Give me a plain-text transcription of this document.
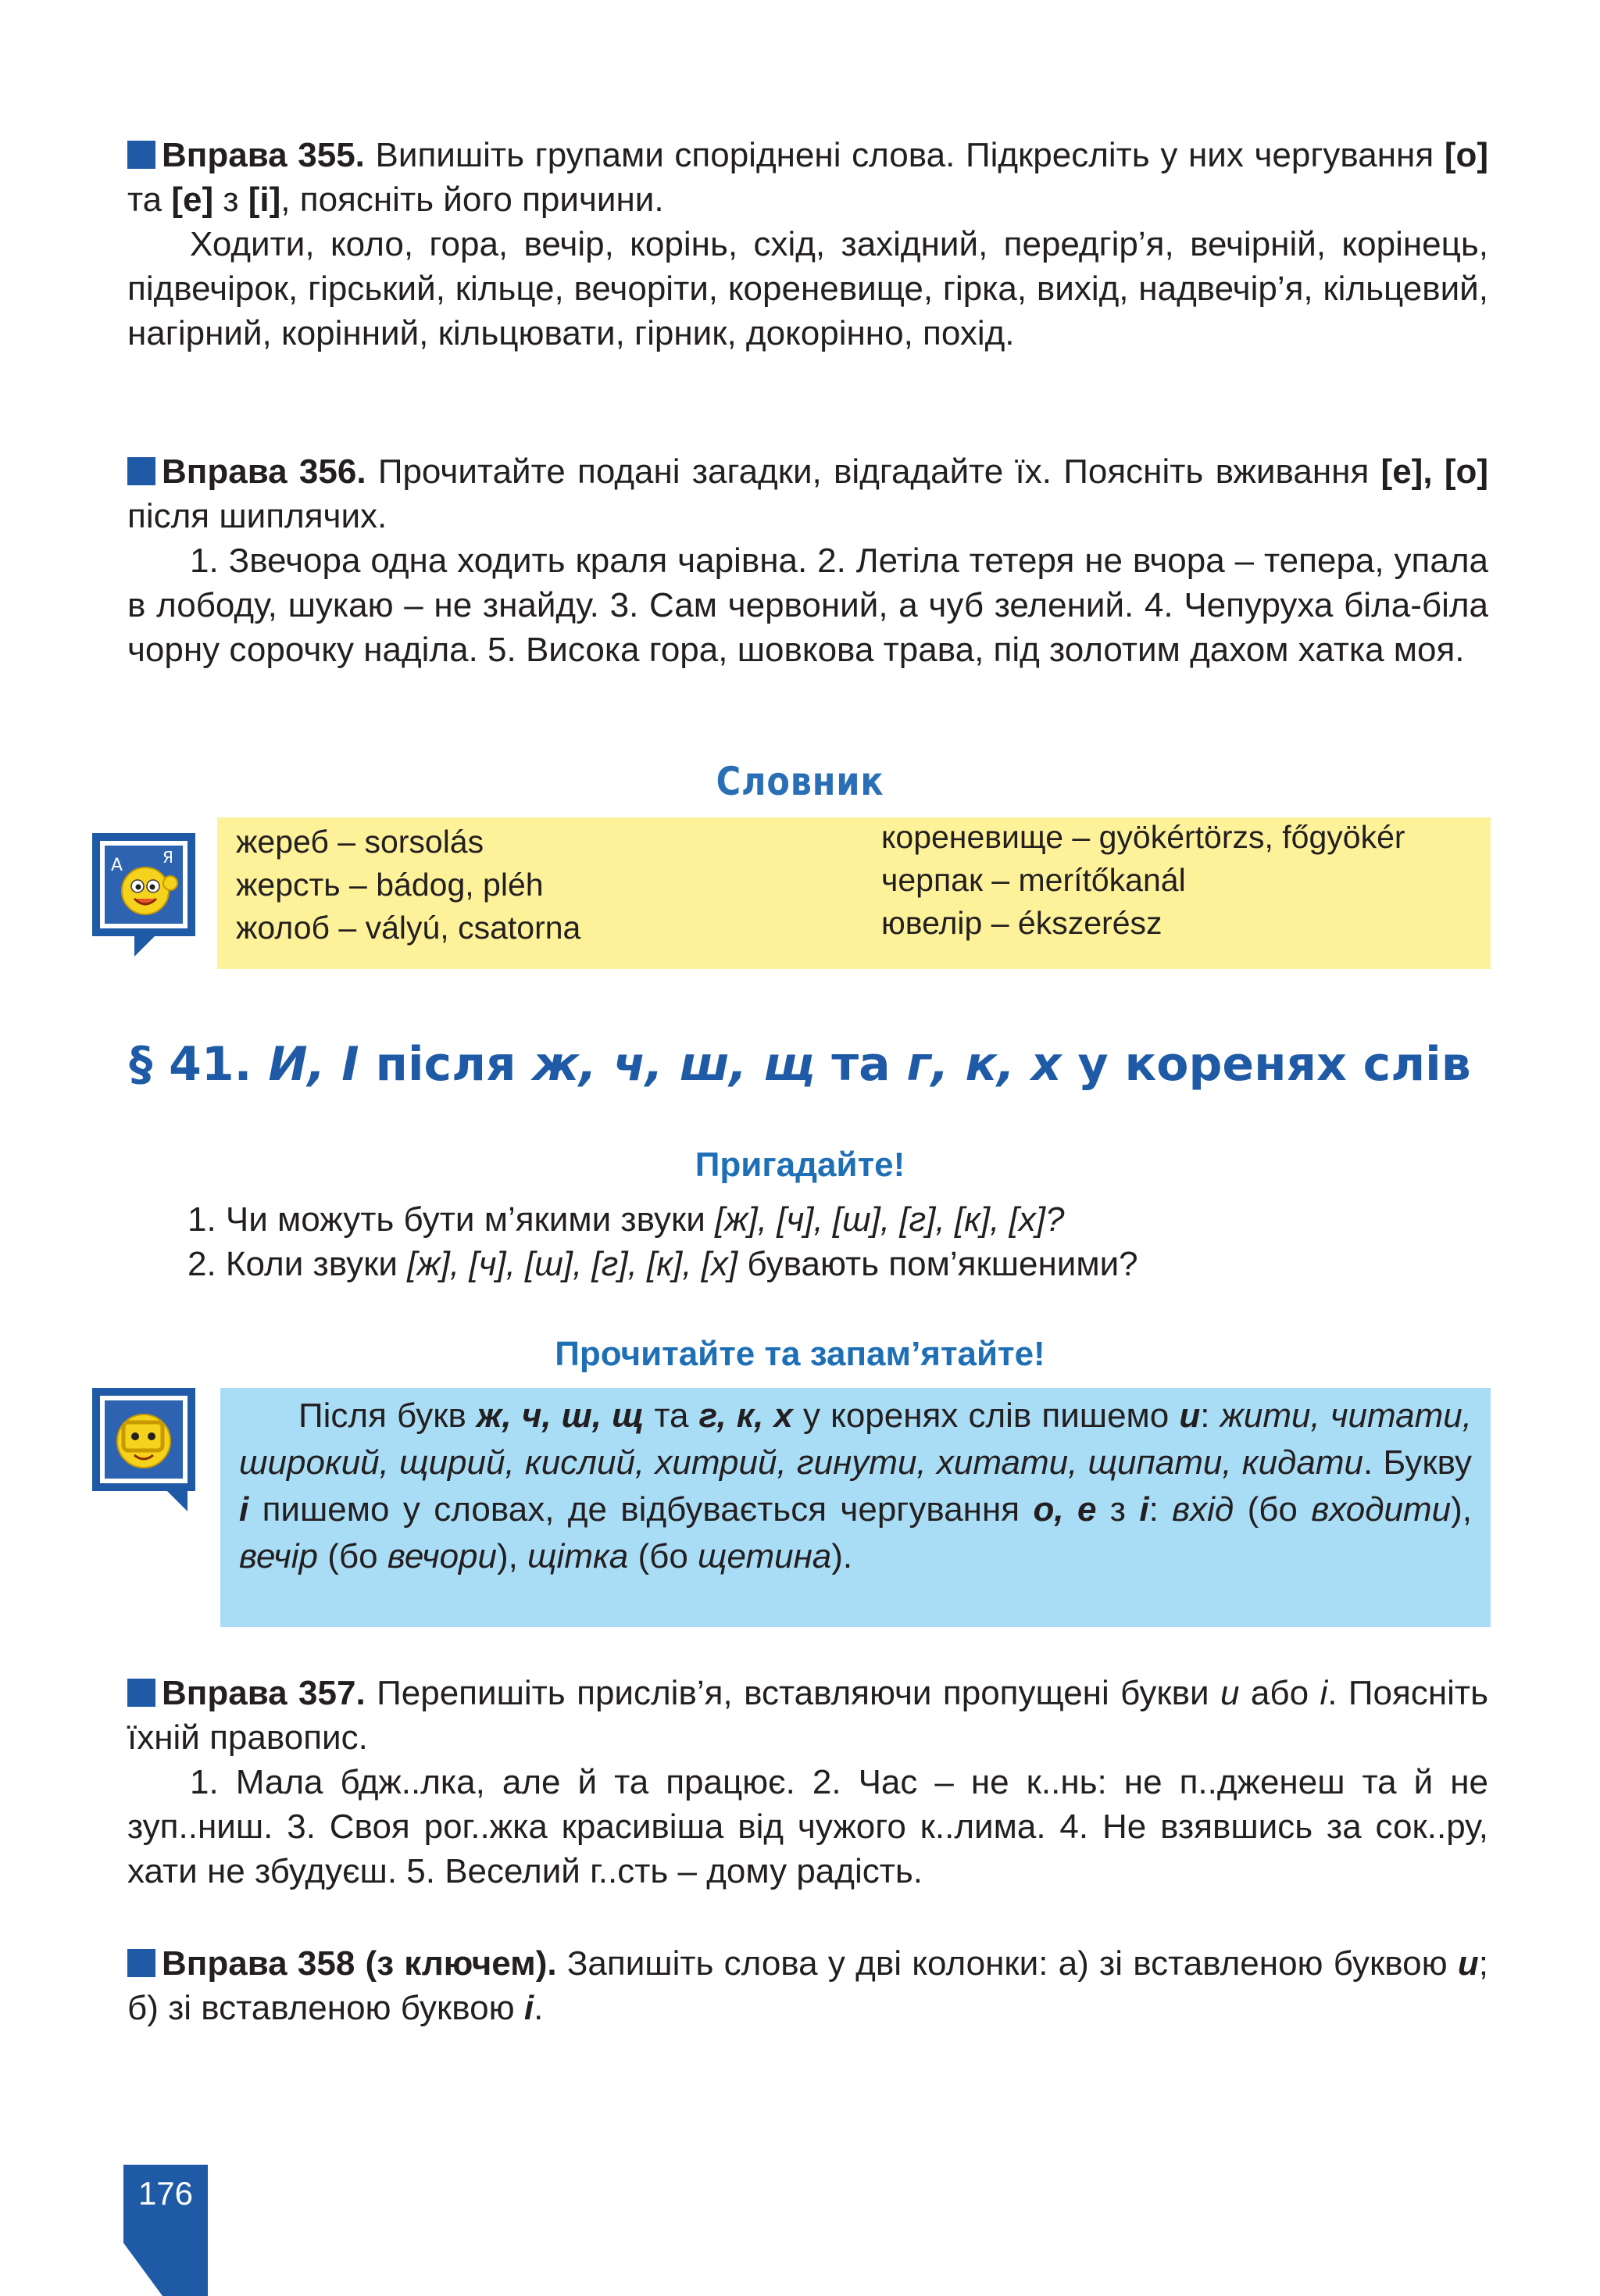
Вправа 355. Випишіть групами споріднені слова. Підкресліть у них чергування [о] та [е] з [і], поясніть його причини.

Ходити, коло, гора, вечір, корінь, схід, західний, передгір’я, вечірній, корінець, підвечірок, гірський, кільце, вечоріти, кореневище, гірка, вихід, надвечір’я, кільцевий, нагірний, корінний, кільцювати, гірник, докорінно, похід.

Вправа 356. Прочитайте подані загадки, відгадайте їх. Поясніть вживання [е], [о] після шиплячих.

1. Звечора одна ходить краля чарівна. 2. Летіла тетеря не вчора – тепера, упала в лободу, шукаю – не знайду. 3. Сам червоний, а чуб зелений. 4. Чепуруха біла-біла чорну сорочку наділа. 5. Висока гора, шовкова трава, під золотим дахом хатка моя.

Словник
А	Я жереб – sorsolás
жерсть – bádog, pléh
жолоб – vályú, csatorna
кореневище – gyökértörzs, főgyökér
черпак – merítőkanál
ювелір – ékszerész
§ 41. И, І після ж, ч, ш, щ та г, к, х у коренях слів
Пригадайте!
1. Чи можуть бути м’якими звуки [ж], [ч], [ш], [г], [к], [х]?
2. Коли звуки [ж], [ч], [ш], [г], [к], [х] бувають пом’якшеними?
Прочитайте та запам’ятайте!

Після букв ж, ч, ш, щ та г, к, х у коренях слів пишемо и: жити, читати, широкий, щирий, кислий, хитрий, гинути, хитати, щипати, кидати. Букву і пишемо у словах, де відбувається чергування о, е з і: вхід (бо входити), вечір (бо вечори), щітка (бо щетина).

Вправа 357. Перепишіть прислів’я, вставляючи пропущені букви и або і. Поясніть їхній правопис.

1. Мала бдж..лка, але й та працює. 2. Час – не к..нь: не п..дженеш та й не зуп..ниш. 3. Своя рог..жка красивіша від чужого к..лима. 4. Не взявшись за сок..ру, хати не збудуєш. 5. Веселий г..сть – дому радість.

Вправа 358 (з ключем). Запишіть слова у дві колонки: а) зі вставленою буквою и; б) зі вставленою буквою і.

176
